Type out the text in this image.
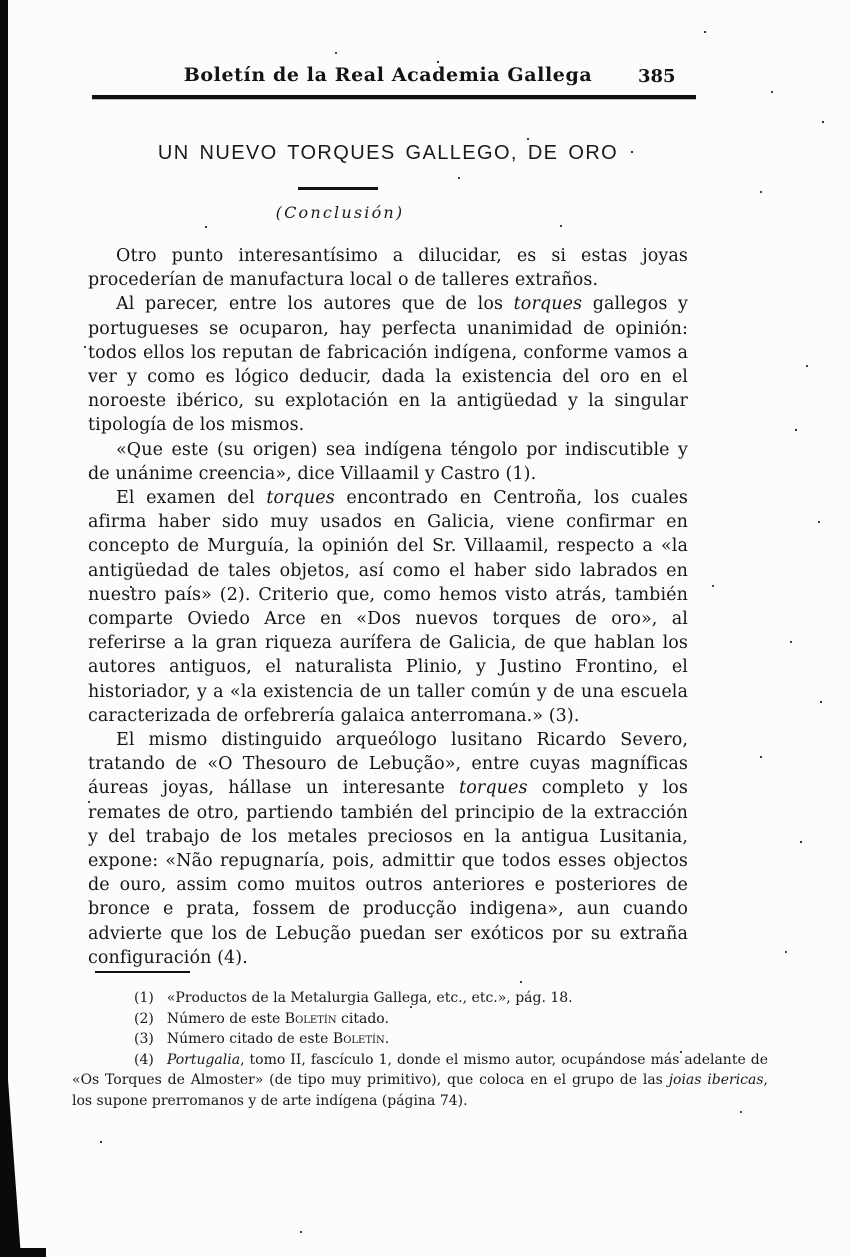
Boletín de la Real Academia Gallega	385
UN NUEVO TORQUES GALLEGO, DE ORO
(Conclusión)

Otro punto interesantísimo a dilucidar, es si estas joyas procederían de manufactura local o de talleres extraños.

Al parecer, entre los autores que de los torques gallegos y portugueses se ocuparon, hay perfecta unanimidad de opinión: todos ellos los reputan de fabricación indígena, conforme vamos a ver y como es lógico deducir, dada la existencia del oro en el noroeste ibérico, su explotación en la antigüedad y la singular tipología de los mismos.

«Que este (su origen) sea indígena téngolo por indiscutible y de unánime creencia», dice Villaamil y Castro (1).

El examen del torques encontrado en Centroña, los cuales afirma haber sido muy usados en Galicia, viene confirmar en concepto de Murguía, la opinión del Sr. Villaamil, respecto a «la antigüedad de tales objetos, así como el haber sido labrados en nuestro país» (2). Criterio que, como hemos visto atrás, también comparte Oviedo Arce en «Dos nuevos torques de oro», al referirse a la gran riqueza aurífera de Galicia, de que hablan los autores antiguos, el naturalista Plinio, y Justino Frontino, el historiador, y a «la existencia de un taller común y de una escuela caracterizada de orfebrería galaica anterromana.» (3).

El mismo distinguido arqueólogo lusitano Ricardo Severo, tratando de «O Thesouro de Lebução», entre cuyas magníficas áureas joyas, hállase un interesante torques completo y los remates de otro, partiendo también del principio de la extracción y del trabajo de los metales preciosos en la antigua Lusitania, expone: «Não repugnaría, pois, admittir que todos esses objectos de ouro, assim como muitos outros anteriores e posteriores de bronce e prata, fossem de producção indigena», aun cuando advierte que los de Lebução puedan ser exóticos por su extraña configuración (4).

(1) «Productos de la Metalurgia Gallega, etc., etc.», pág. 18.

(2) Número de este Boletín citado.

(3) Número citado de este Boletín.

(4) Portugalia, tomo II, fascículo 1, donde el mismo autor, ocupándose más adelante de «Os Torques de Almoster» (de tipo muy primitivo), que coloca en el grupo de las joias ibericas, los supone prerromanos y de arte indígena (página 74).
